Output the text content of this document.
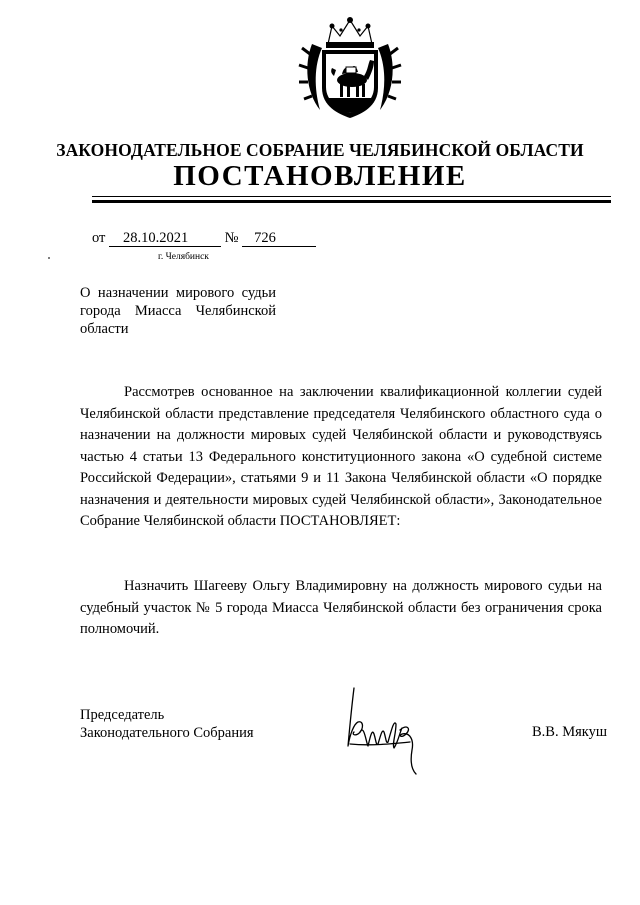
ЗАКОНОДАТЕЛЬНОЕ СОБРАНИЕ ЧЕЛЯБИНСКОЙ ОБЛАСТИ
ПОСТАНОВЛЕНИЕ
от 28.10.2021	№ 726
г. Челябинск
О назначении мирового судьи
города Миасса Челябинской
области
Рассмотрев основанное на заключении квалификационной коллегии судей Челябинской области представление председателя Челябинского областного суда о назначении на должности мировых судей Челябинской области и руководствуясь частью 4 статьи 13 Федерального конституционного закона «О судебной системе Российской Федерации», статьями 9 и 11 Закона Челябинской области «О порядке назначения и деятельности мировых судей Челябинской области», Законодательное Собрание Челябинской области ПОСТАНОВЛЯЕТ:
Назначить Шагееву Ольгу Владимировну на должность мирового судьи на судебный участок № 5 города Миасса Челябинской области без ограничения срока полномочий.
Председатель
Законодательного Собрания	В.В. Мякуш
